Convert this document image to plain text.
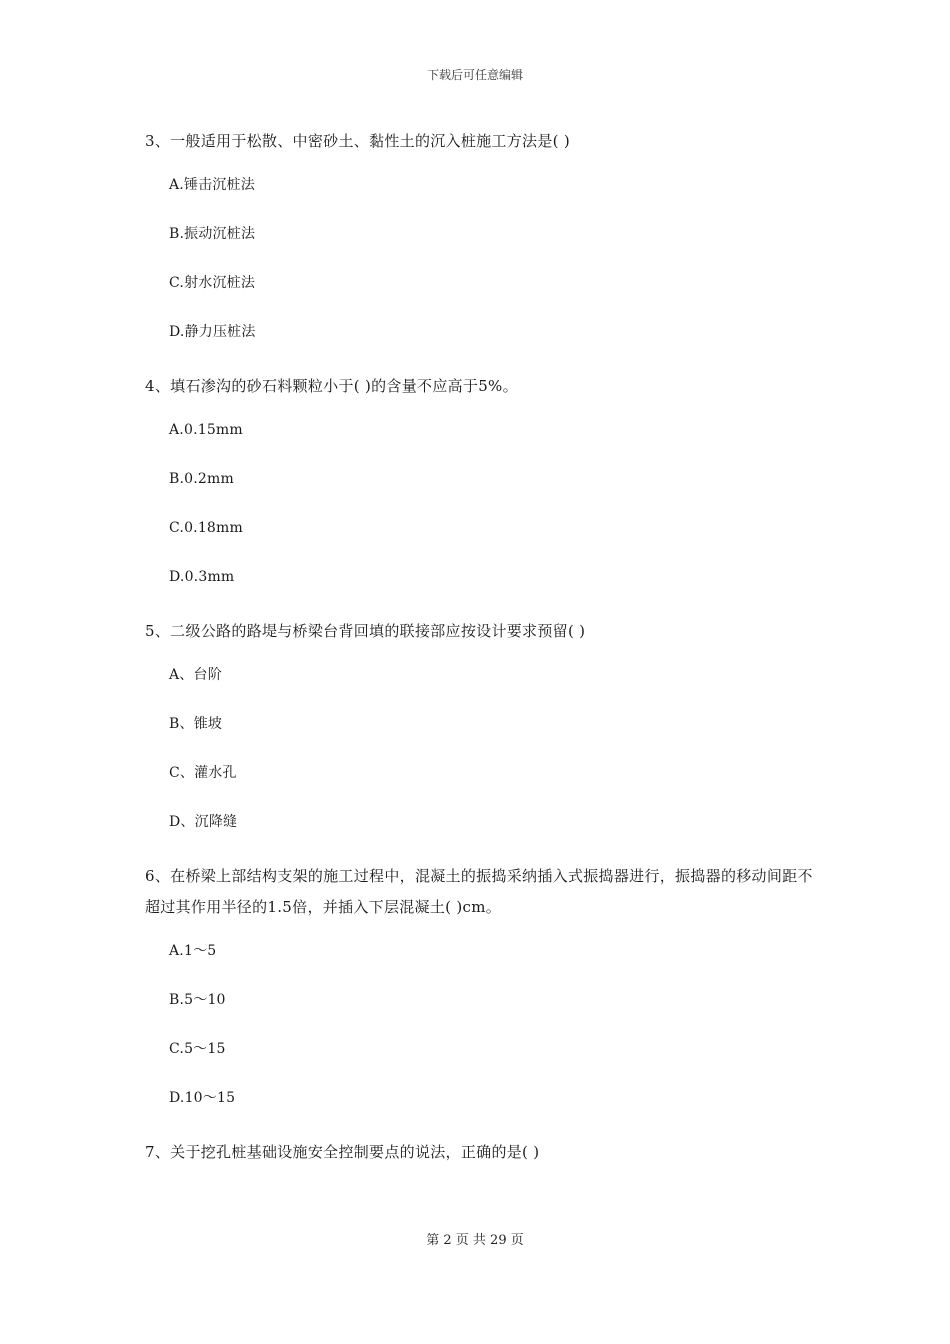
下载后可任意编辑

3、一般适用于松散、中密砂土、黏性土的沉入桩施工方法是( )

A.锤击沉桩法

B.振动沉桩法

C.射水沉桩法

D.静力压桩法

4、填石渗沟的砂石料颗粒小于( )的含量不应高于5%。

A.0.15mm

B.0.2mm

C.0.18mm

D.0.3mm

5、二级公路的路堤与桥梁台背回填的联接部应按设计要求预留( )

A、台阶

B、锥坡

C、灌水孔

D、沉降缝

6、在桥梁上部结构支架的施工过程中，混凝土的振捣采纳插入式振捣器进行，振捣器的移动间距不超过其作用半径的1.5倍，并插入下层混凝土( )cm。

A.1～5

B.5～10

C.5～15

D.10～15

7、关于挖孔桩基础设施安全控制要点的说法，正确的是( )

第 2 页 共 29 页
